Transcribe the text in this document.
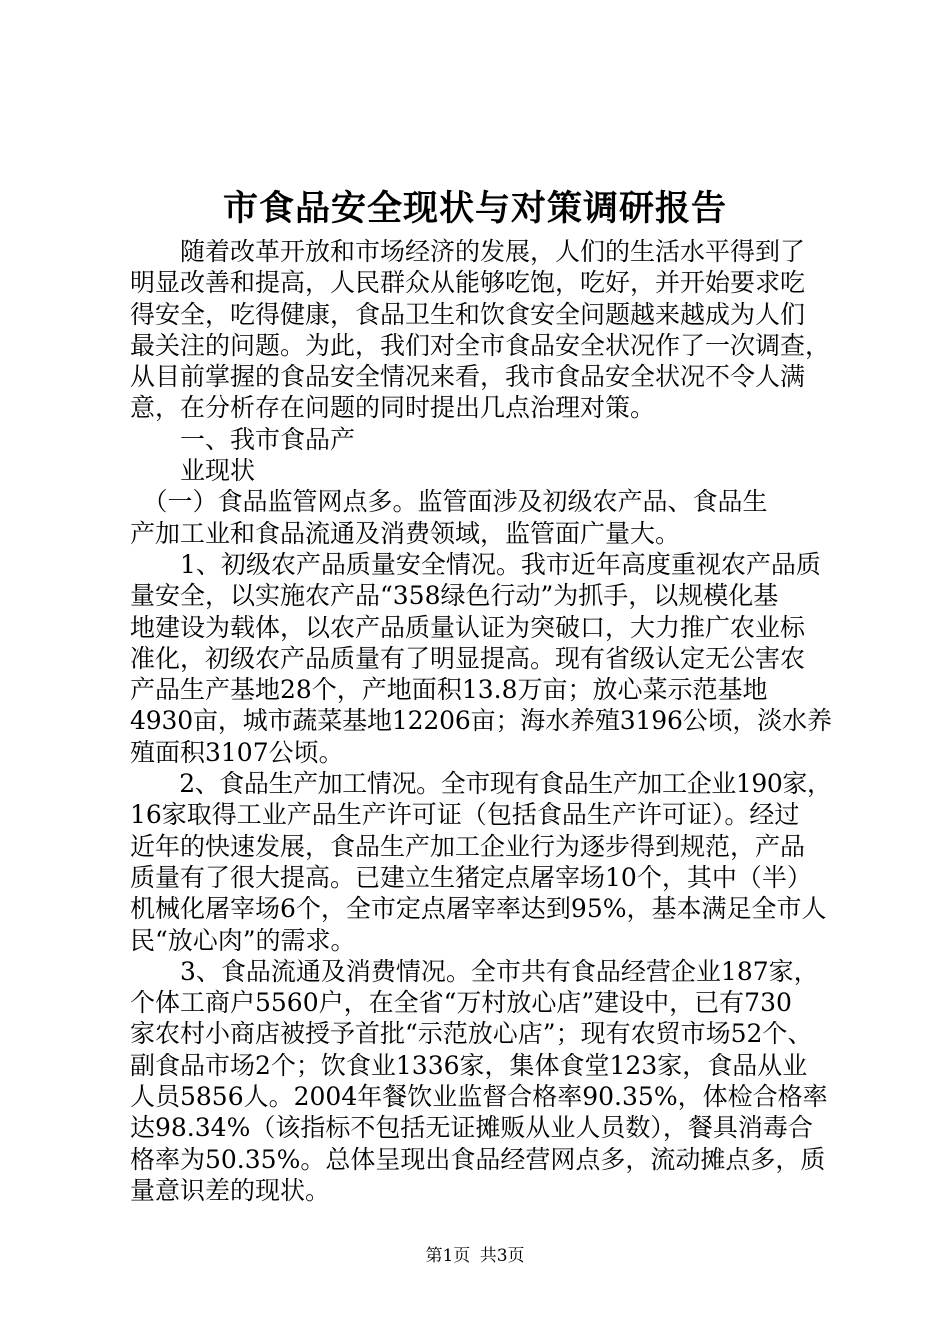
市食品安全现状与对策调研报告
　　随着改革开放和市场经济的发展，人们的生活水平得到了
明显改善和提高，人民群众从能够吃饱，吃好，并开始要求吃
得安全，吃得健康，食品卫生和饮食安全问题越来越成为人们
最关注的问题。为此，我们对全市食品安全状况作了一次调查，
从目前掌握的食品安全情况来看，我市食品安全状况不令人满
意，在分析存在问题的同时提出几点治理对策。
　　一、我市食品产
　　业现状
　（一）食品监管网点多。监管面涉及初级农产品、食品生
产加工业和食品流通及消费领域，监管面广量大。
　　1、初级农产品质量安全情况。我市近年高度重视农产品质
量安全，以实施农产品“358绿色行动”为抓手，以规模化基
地建设为载体，以农产品质量认证为突破口，大力推广农业标
准化，初级农产品质量有了明显提高。现有省级认定无公害农
产品生产基地28个，产地面积13.8万亩；放心菜示范基地
4930亩，城市蔬菜基地12206亩；海水养殖3196公顷，淡水养
殖面积3107公顷。
　　2、食品生产加工情况。全市现有食品生产加工企业190家，
16家取得工业产品生产许可证（包括食品生产许可证）。经过
近年的快速发展，食品生产加工企业行为逐步得到规范，产品
质量有了很大提高。已建立生猪定点屠宰场10个，其中（半）
机械化屠宰场6个，全市定点屠宰率达到95%，基本满足全市人
民“放心肉”的需求。
　　3、食品流通及消费情况。全市共有食品经营企业187家，
个体工商户5560户，在全省“万村放心店”建设中，已有730
家农村小商店被授予首批“示范放心店”；现有农贸市场52个、
副食品市场2个；饮食业1336家，集体食堂123家，食品从业
人员5856人。2004年餐饮业监督合格率90.35%，体检合格率
达98.34%（该指标不包括无证摊贩从业人员数），餐具消毒合
格率为50.35%。总体呈现出食品经营网点多，流动摊点多，质
量意识差的现状。
第1页 共3页
